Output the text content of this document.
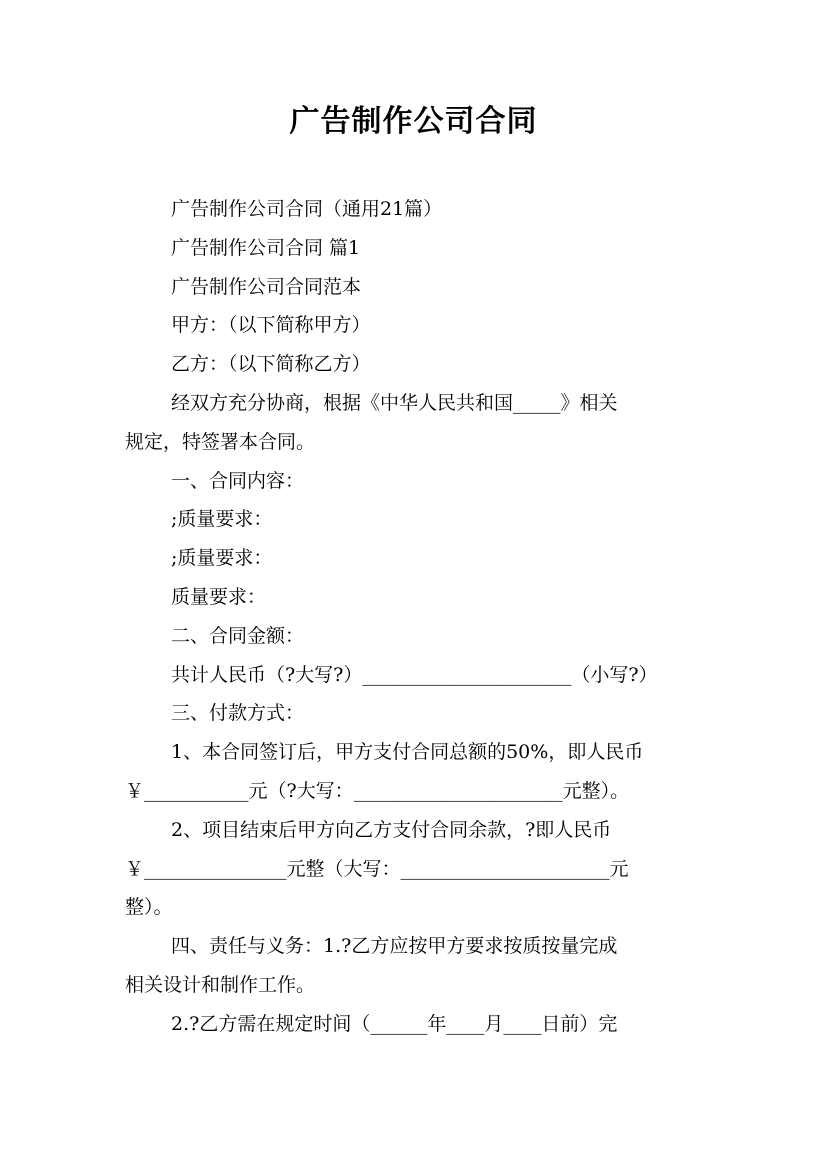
广告制作公司合同

广告制作公司合同（通用21篇）

广告制作公司合同 篇1

广告制作公司合同范本

甲方：（以下简称甲方）

乙方：（以下简称乙方）

经双方充分协商，根据《中华人民共和国_____》相关

规定，特签署本合同。

一、合同内容：

;质量要求：

;质量要求：

质量要求：

二、合同金额：

共计人民币（?大写?）______________________（小写?）

三、付款方式：

1、本合同签订后，甲方支付合同总额的50%，即人民币

￥___________元（?大写：______________________元整）。

2、项目结束后甲方向乙方支付合同余款，?即人民币

￥_______________元整（大写：______________________元

整）。

四、责任与义务：1.?乙方应按甲方要求按质按量完成

相关设计和制作工作。

2.?乙方需在规定时间（______年____月____日前）完
